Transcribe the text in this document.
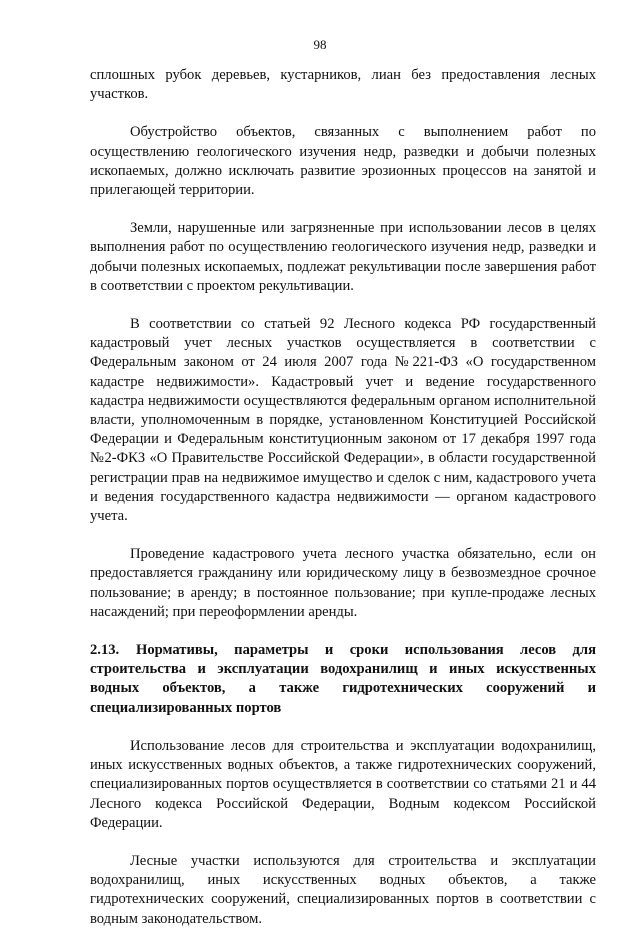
98

сплошных рубок деревьев, кустарников, лиан без предоставления лесных участков.

Обустройство объектов, связанных с выполнением работ по осуществлению геологического изучения недр, разведки и добычи полезных ископаемых, должно исключать развитие эрозионных процессов на занятой и прилегающей территории.

Земли, нарушенные или загрязненные при использовании лесов в целях выполнения работ по осуществлению геологического изучения недр, разведки и добычи полезных ископаемых, подлежат рекультивации после завершения работ в соответствии с проектом рекультивации.

В соответствии со статьей 92 Лесного кодекса РФ государственный кадастровый учет лесных участков осуществляется в соответствии с Федеральным законом от 24 июля 2007 года №221-ФЗ «О государственном кадастре недвижимости». Кадастровый учет и ведение государственного кадастра недвижимости осуществляются федеральным органом исполнительной власти, уполномоченным в порядке, установленном Конституцией Российской Федерации и Федеральным конституционным законом от 17 декабря 1997 года №2-ФКЗ «О Правительстве Российской Федерации», в области государственной регистрации прав на недвижимое имущество и сделок с ним, кадастрового учета и ведения государственного кадастра недвижимости — органом кадастрового учета.

Проведение кадастрового учета лесного участка обязательно, если он предоставляется гражданину или юридическому лицу в безвозмездное срочное пользование; в аренду; в постоянное пользование; при купле-продаже лесных насаждений; при переоформлении аренды.

2.13. Нормативы, параметры и сроки использования лесов для строительства и эксплуатации водохранилищ и иных искусственных водных объектов, а также гидротехнических сооружений и специализированных портов

Использование лесов для строительства и эксплуатации водохранилищ, иных искусственных водных объектов, а также гидротехнических сооружений, специализированных портов осуществляется в соответствии со статьями 21 и 44 Лесного кодекса Российской Федерации, Водным кодексом Российской Федерации.

Лесные участки используются для строительства и эксплуатации водохранилищ, иных искусственных водных объектов, а также гидротехнических сооружений, специализированных портов в соответствии с водным законодательством.
